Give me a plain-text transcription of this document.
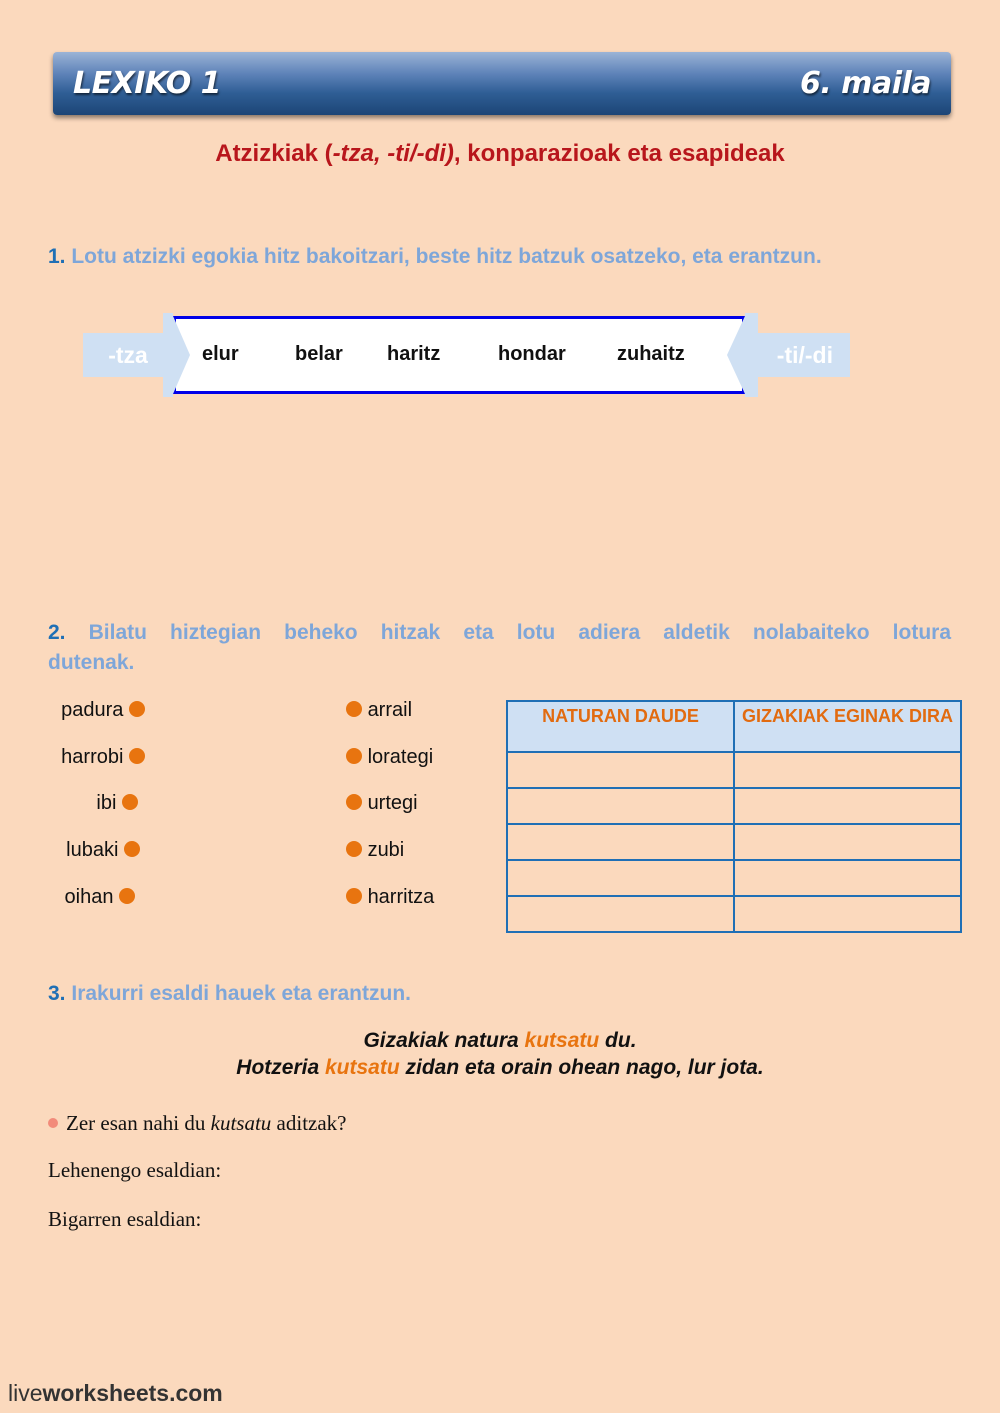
LEXIKO 1	6. maila
Atzizkiak (-tza, -ti/-di), konparazioak eta esapideak
1. Lotu atzizki egokia hitz bakoitzari, beste hitz batzuk osatzeko, eta erantzun.
-tza	-ti/-di
elur	belar haritz	hondar	zuhaitz
2. Bilatu hiztegian beheko hitzak eta lotu adiera aldetik nolabaiteko lotura
dutenak.
padura
harrobi
ibi
lubaki
oihan
arrail
lorategi
urtegi
zubi
harritza
NATURAN DAUDE	GIZAKIAK EGINAK DIRA

3. Irakurri esaldi hauek eta erantzun.
Gizakiak natura kutsatu du.
Hotzeria kutsatu zidan eta orain ohean nago, lur jota.
Zer esan nahi du kutsatu aditzak?
Lehenengo esaldian:
Bigarren esaldian:
liveworksheets.com
